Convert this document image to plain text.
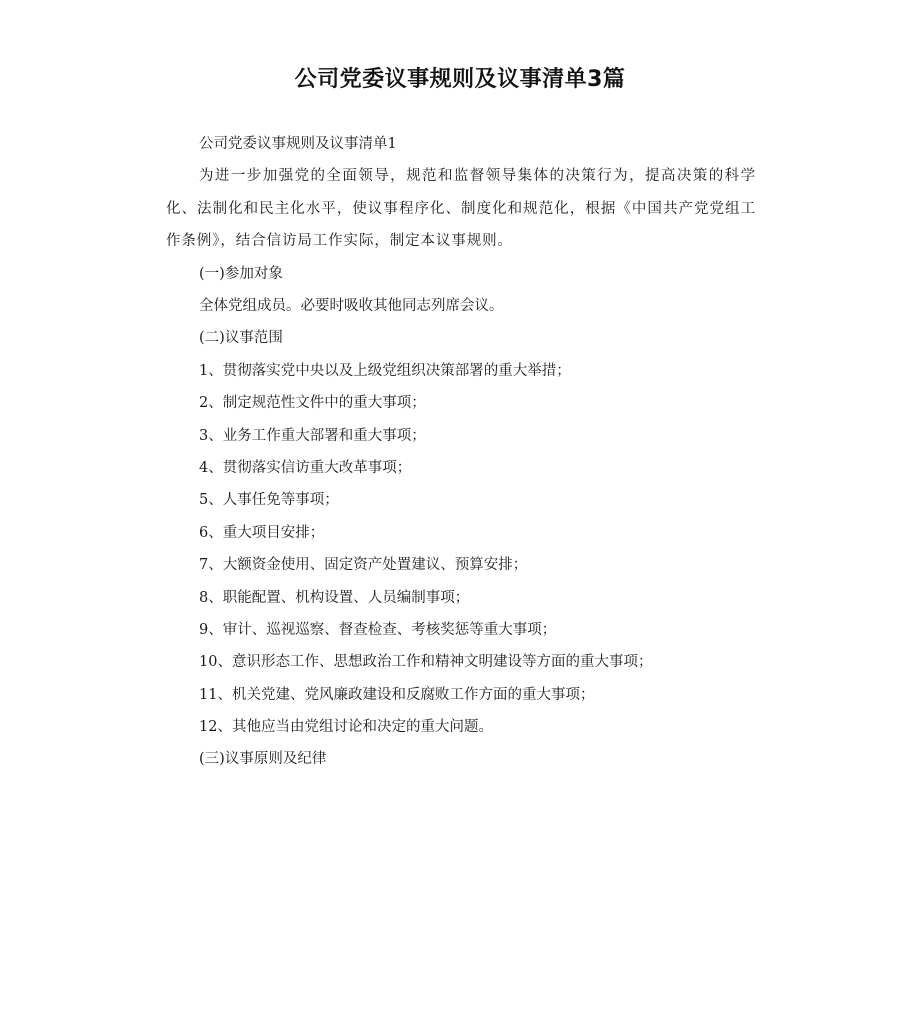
公司党委议事规则及议事清单3篇

公司党委议事规则及议事清单1

为进一步加强党的全面领导，规范和监督领导集体的决策行为，提高决策的科学化、法制化和民主化水平，使议事程序化、制度化和规范化，根据《中国共产党党组工作条例》，结合信访局工作实际，制定本议事规则。

(一)参加对象

全体党组成员。必要时吸收其他同志列席会议。

(二)议事范围

1、贯彻落实党中央以及上级党组织决策部署的重大举措；

2、制定规范性文件中的重大事项；

3、业务工作重大部署和重大事项；

4、贯彻落实信访重大改革事项；

5、人事任免等事项；

6、重大项目安排；

7、大额资金使用、固定资产处置建议、预算安排；

8、职能配置、机构设置、人员编制事项；

9、审计、巡视巡察、督查检查、考核奖惩等重大事项；

10、意识形态工作、思想政治工作和精神文明建设等方面的重大事项；

11、机关党建、党风廉政建设和反腐败工作方面的重大事项；

12、其他应当由党组讨论和决定的重大问题。

(三)议事原则及纪律
